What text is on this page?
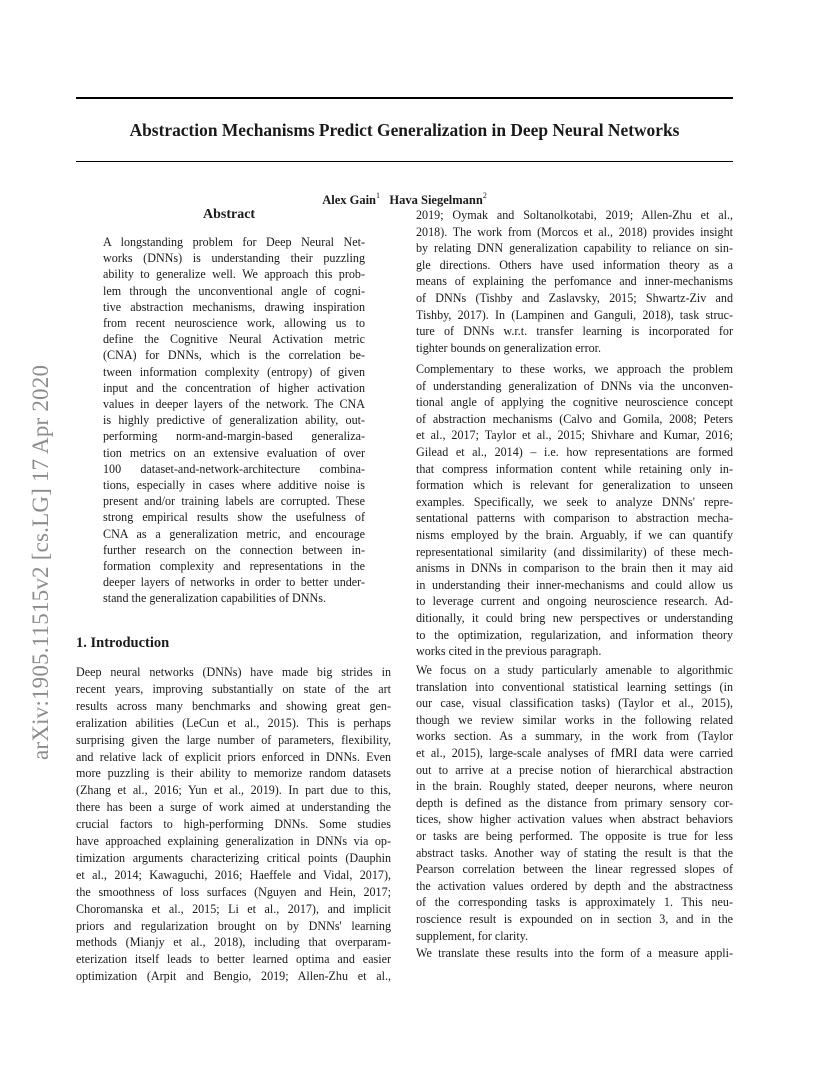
Abstraction Mechanisms Predict Generalization in Deep Neural Networks
Alex Gain$^1$ Hava Siegelmann$^2$
arXiv:1905.11515v2 [cs.LG] 17 Apr 2020
Abstract
A longstanding problem for Deep Neural Net-
works (DNNs) is understanding their puzzling
ability to generalize well. We approach this prob-
lem through the unconventional angle of cogni-
tive abstraction mechanisms, drawing inspiration
from recent neuroscience work, allowing us to
define the Cognitive Neural Activation metric
(CNA) for DNNs, which is the correlation be-
tween information complexity (entropy) of given
input and the concentration of higher activation
values in deeper layers of the network. The CNA
is highly predictive of generalization ability, out-
performing norm-and-margin-based generaliza-
tion metrics on an extensive evaluation of over
100 dataset-and-network-architecture combina-
tions, especially in cases where additive noise is
present and/or training labels are corrupted. These
strong empirical results show the usefulness of
CNA as a generalization metric, and encourage
further research on the connection between in-
formation complexity and representations in the
deeper layers of networks in order to better under-
stand the generalization capabilities of DNNs.
1. Introduction
Deep neural networks (DNNs) have made big strides in
recent years, improving substantially on state of the art
results across many benchmarks and showing great gen-
eralization abilities (LeCun et al., 2015). This is perhaps
surprising given the large number of parameters, flexibility,
and relative lack of explicit priors enforced in DNNs. Even
more puzzling is their ability to memorize random datasets
(Zhang et al., 2016; Yun et al., 2019). In part due to this,
there has been a surge of work aimed at understanding the
crucial factors to high-performing DNNs. Some studies
have approached explaining generalization in DNNs via op-
timization arguments characterizing critical points (Dauphin
et al., 2014; Kawaguchi, 2016; Haeffele and Vidal, 2017),
the smoothness of loss surfaces (Nguyen and Hein, 2017;
Choromanska et al., 2015; Li et al., 2017), and implicit
priors and regularization brought on by DNNs' learning
methods (Mianjy et al., 2018), including that overparam-
eterization itself leads to better learned optima and easier
optimization (Arpit and Bengio, 2019; Allen-Zhu et al.,
2019; Oymak and Soltanolkotabi, 2019; Allen-Zhu et al.,
2018). The work from (Morcos et al., 2018) provides insight
by relating DNN generalization capability to reliance on sin-
gle directions. Others have used information theory as a
means of explaining the perfomance and inner-mechanisms
of DNNs (Tishby and Zaslavsky, 2015; Shwartz-Ziv and
Tishby, 2017). In (Lampinen and Ganguli, 2018), task struc-
ture of DNNs w.r.t. transfer learning is incorporated for
tighter bounds on generalization error.
Complementary to these works, we approach the problem
of understanding generalization of DNNs via the unconven-
tional angle of applying the cognitive neuroscience concept
of abstraction mechanisms (Calvo and Gomila, 2008; Peters
et al., 2017; Taylor et al., 2015; Shivhare and Kumar, 2016;
Gilead et al., 2014) – i.e. how representations are formed
that compress information content while retaining only in-
formation which is relevant for generalization to unseen
examples. Specifically, we seek to analyze DNNs' repre-
sentational patterns with comparison to abstraction mecha-
nisms employed by the brain. Arguably, if we can quantify
representational similarity (and dissimilarity) of these mech-
anisms in DNNs in comparison to the brain then it may aid
in understanding their inner-mechanisms and could allow us
to leverage current and ongoing neuroscience research. Ad-
ditionally, it could bring new perspectives or understanding
to the optimization, regularization, and information theory
works cited in the previous paragraph.
We focus on a study particularly amenable to algorithmic
translation into conventional statistical learning settings (in
our case, visual classification tasks) (Taylor et al., 2015),
though we review similar works in the following related
works section. As a summary, in the work from (Taylor
et al., 2015), large-scale analyses of fMRI data were carried
out to arrive at a precise notion of hierarchical abstraction
in the brain. Roughly stated, deeper neurons, where neuron
depth is defined as the distance from primary sensory cor-
tices, show higher activation values when abstract behaviors
or tasks are being performed. The opposite is true for less
abstract tasks. Another way of stating the result is that the
Pearson correlation between the linear regressed slopes of
the activation values ordered by depth and the abstractness
of the corresponding tasks is approximately 1. This neu-
roscience result is expounded on in section 3, and in the
supplement, for clarity.
We translate these results into the form of a measure appli-
